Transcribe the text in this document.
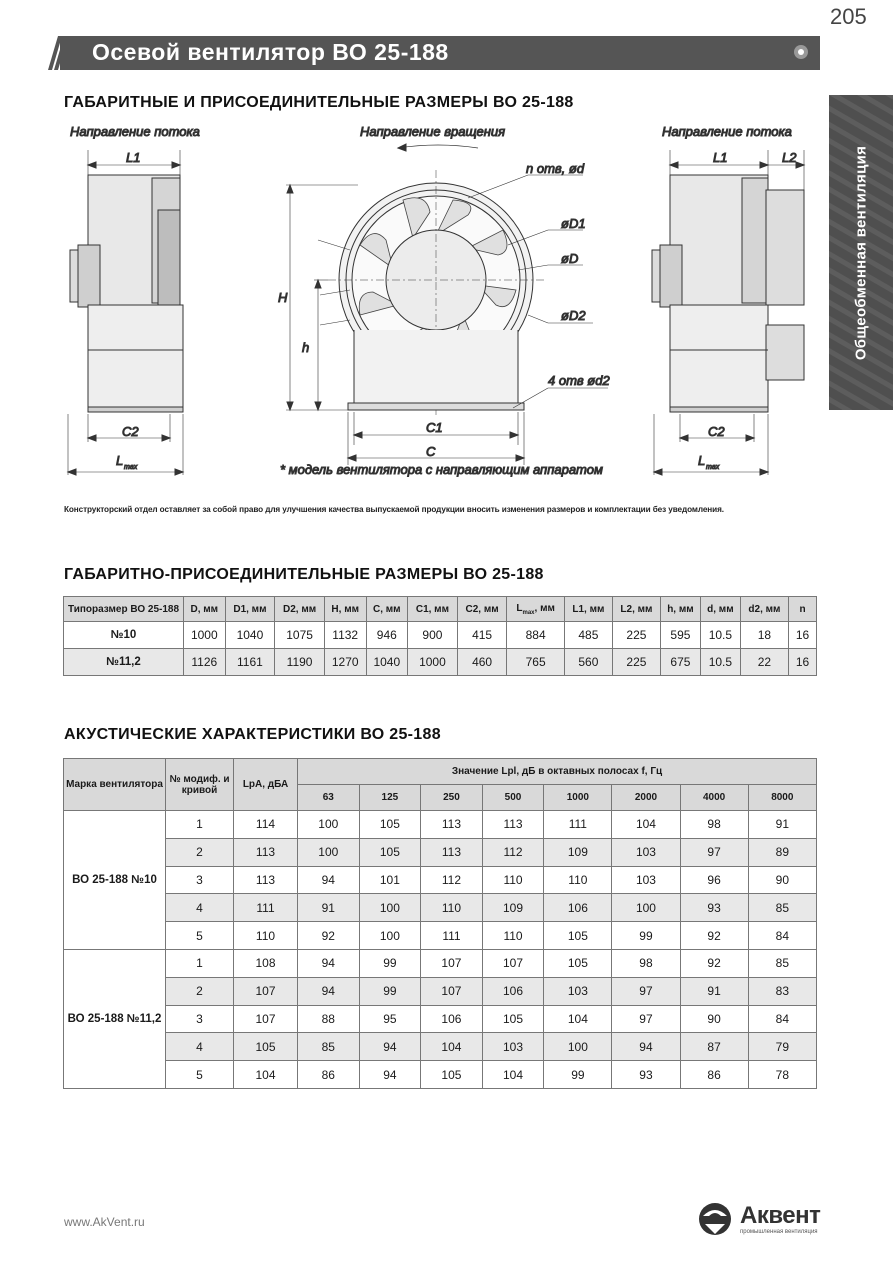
Осевой вентилятор ВО 25-188
205
Общеобменная вентиляция
ГАБАРИТНЫЕ И ПРИСОЕДИНИТЕЛЬНЫЕ РАЗМЕРЫ ВО 25-188
Направление потока
L1
C2
L max
Направление вращения
H
h
n отв, ød
øD1
øD
øD2
4 отв ød2
C1
C
* модель вентилятора с направляющим аппаратом
Направление потока
L1	L2
C2
L max
Конструкторский отдел оставляет за собой право для улучшения качества выпускаемой продукции вносить изменения размеров и комплектации без уведомления.
ГАБАРИТНО-ПРИСОЕДИНИТЕЛЬНЫЕ РАЗМЕРЫ ВО 25-188
Типоразмер ВО 25-188	D, мм	D1, мм	D2, мм	H, мм	C, мм	C1, мм	C2, мм	$L_{max}$, мм	L1, мм	L2, мм	h, мм	d, мм	d2, мм	n
№10	1000	1040	1075	1132	946	900	415	884	485	225	595	10.5	18	16
№11,2	1126	1161	1190	1270	1040	1000	460	765	560	225	675	10.5	22	16
АКУСТИЧЕСКИЕ ХАРАКТЕРИСТИКИ ВО 25-188
Марка вентилятора	№ модиф. и кривой	LpA, дБА	Значение Lpl, дБ в октавных полосах f, Гц							
			63	125	250	500	1000	2000	4000	8000
ВО 25-188 №10	1	114	100	105	113	113	111	104	98	91
	2	113	100	105	113	112	109	103	97	89
	3	113	94	101	112	110	110	103	96	90
	4	111	91	100	110	109	106	100	93	85
	5	110	92	100	111	110	105	99	92	84
ВО 25-188 №11,2	1	108	94	99	107	107	105	98	92	85
	2	107	94	99	107	106	103	97	91	83
	3	107	88	95	106	105	104	97	90	84
	4	105	85	94	104	103	100	94	87	79
	5	104	86	94	105	104	99	93	86	78
www.AkVent.ru	Аквент
промышленная вентиляция
